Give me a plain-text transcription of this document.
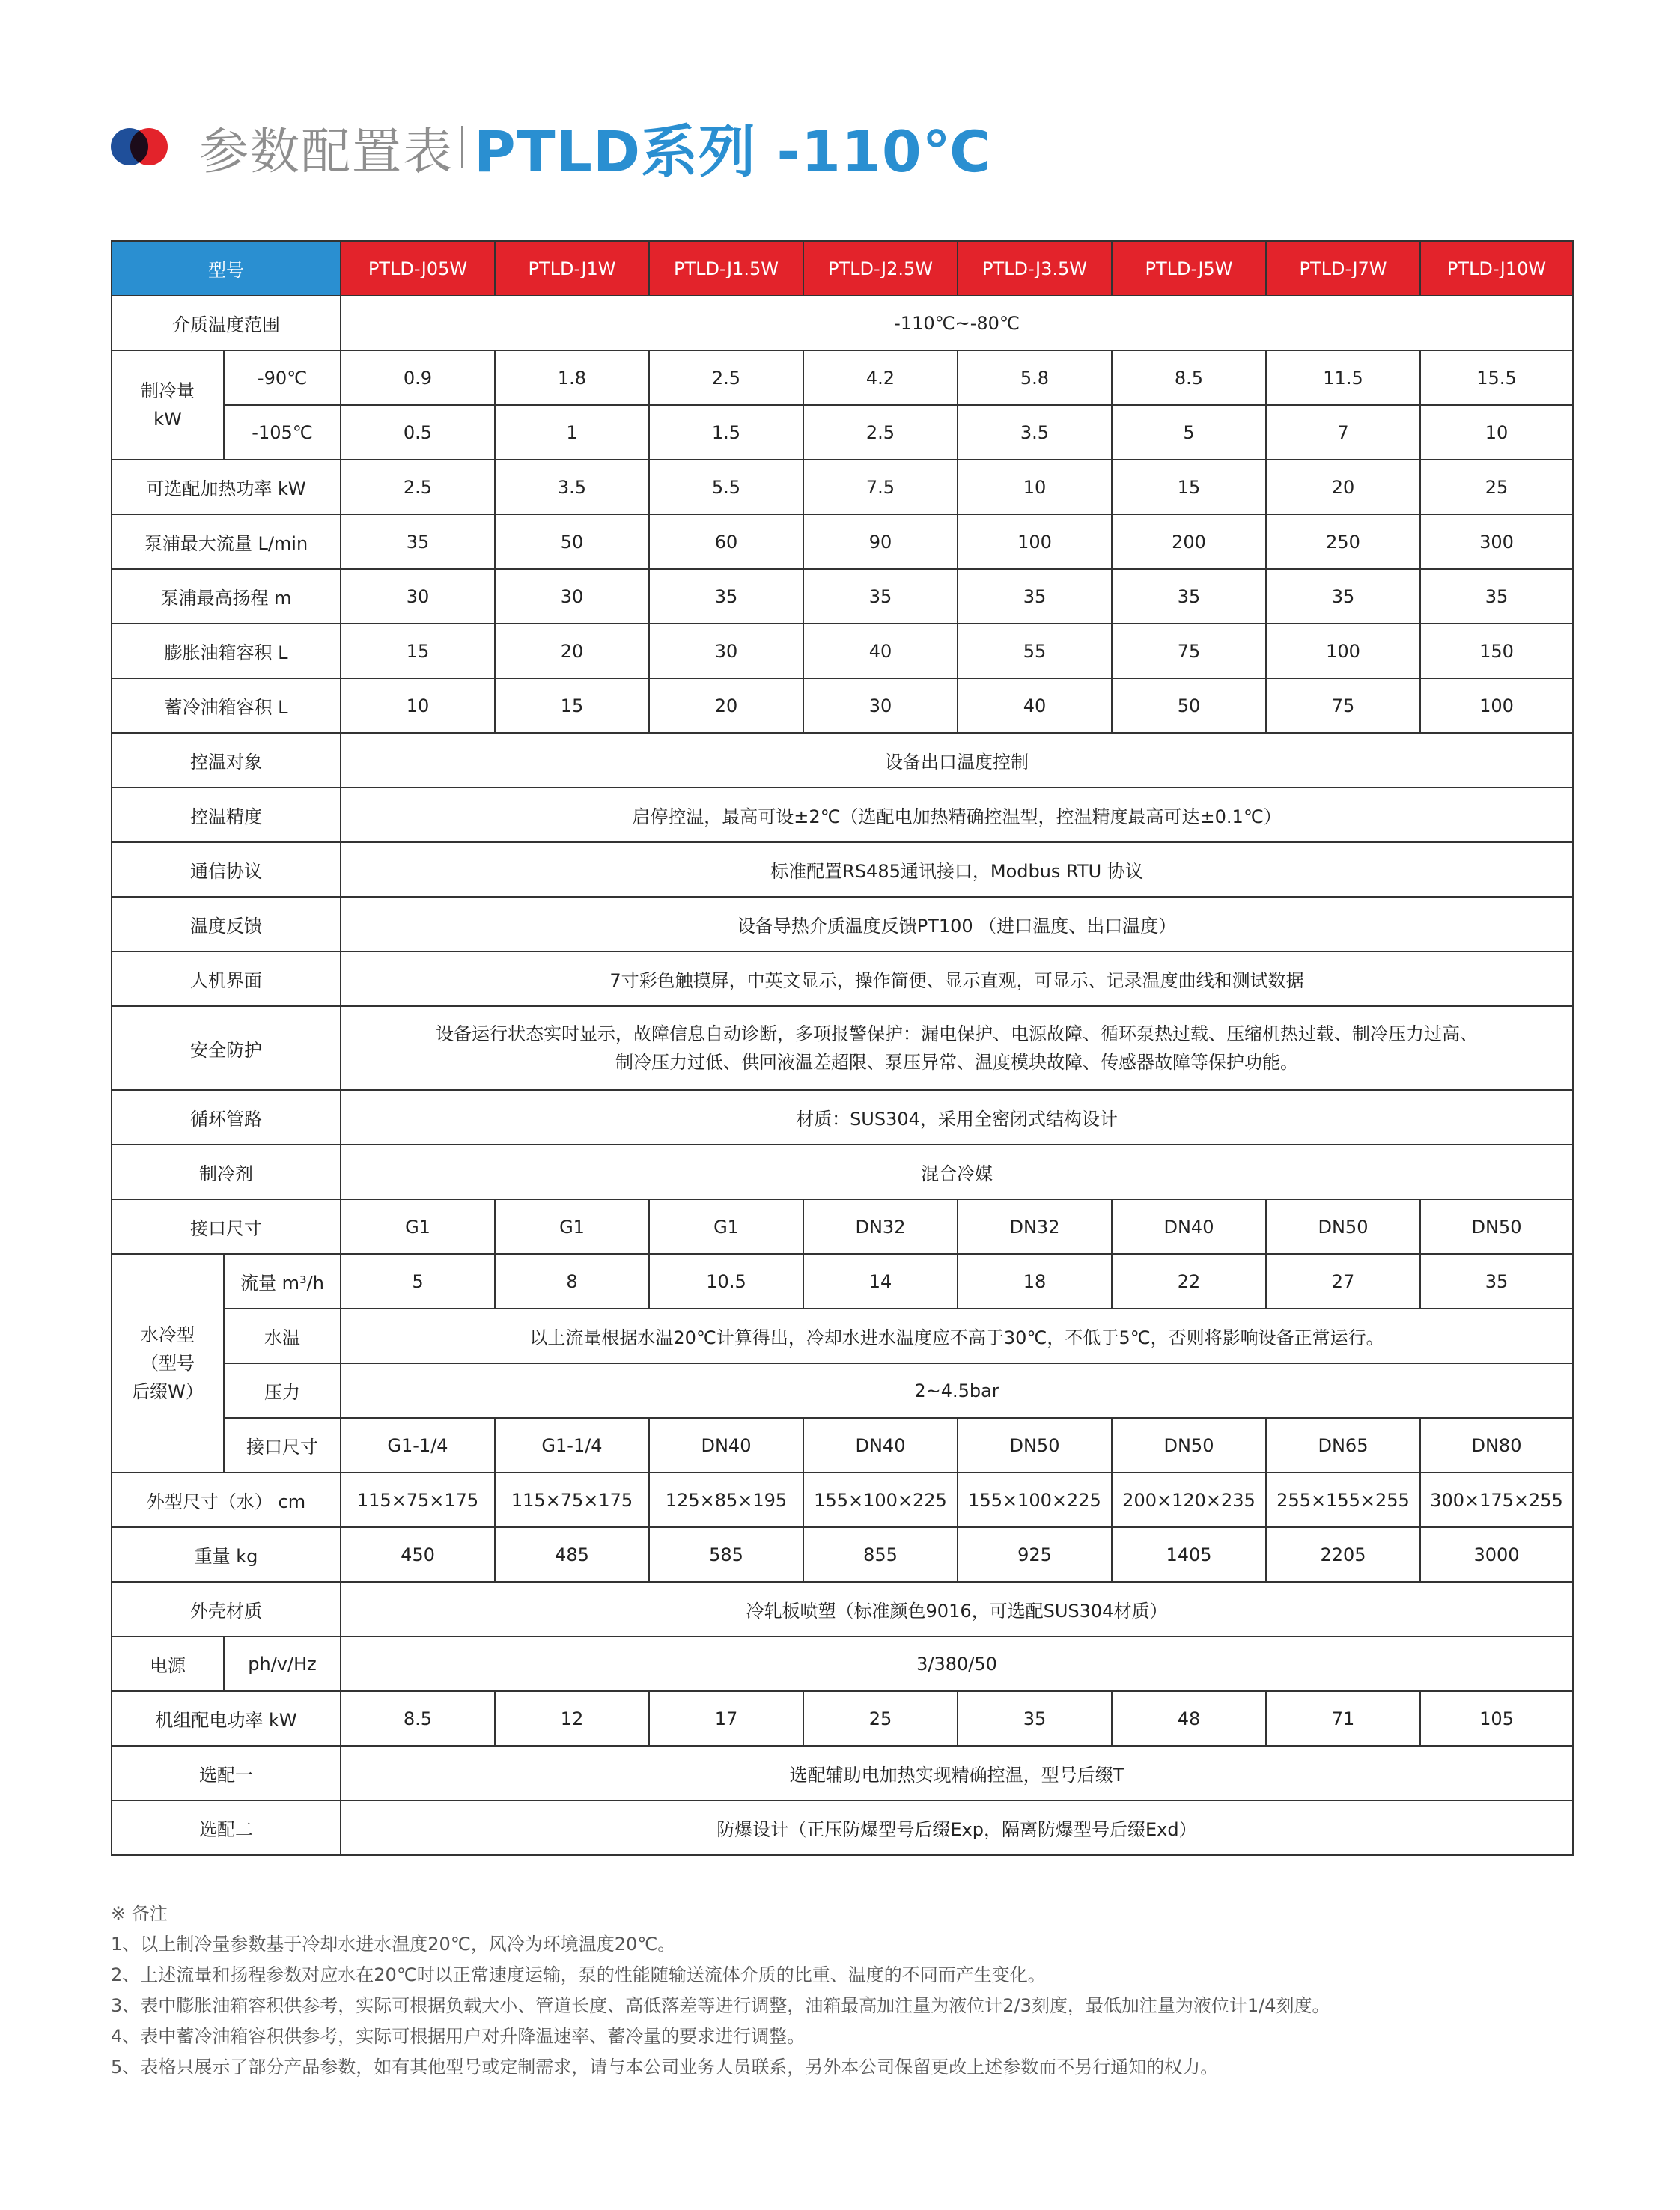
参数配置表 PTLD系列 -110℃
型号		PTLD-J05W	PTLD-J1W	PTLD-J1.5W	PTLD-J2.5W	PTLD-J3.5W	PTLD-J5W	PTLD-J7W	PTLD-J10W
介质温度范围		-110℃~-80℃							
制冷量
kW	-90℃	0.9	1.8	2.5	4.2	5.8	8.5	11.5	15.5
	-105℃	0.5	1	1.5	2.5	3.5	5	7	10
可选配加热功率 kW		2.5	3.5	5.5	7.5	10	15	20	25
泵浦最大流量 L/min		35	50	60	90	100	200	250	300
泵浦最高扬程 m		30	30	35	35	35	35	35	35
膨胀油箱容积 L		15	20	30	40	55	75	100	150
蓄冷油箱容积 L		10	15	20	30	40	50	75	100
控温对象		设备出口温度控制							
控温精度		启停控温，最高可设±2℃（选配电加热精确控温型，控温精度最高可达±0.1℃）							
通信协议		标准配置RS485通讯接口，Modbus RTU 协议							
温度反馈		设备导热介质温度反馈PT100 （进口温度、出口温度）							
人机界面		7寸彩色触摸屏，中英文显示，操作简便、显示直观，可显示、记录温度曲线和测试数据							
安全防护		设备运行状态实时显示，故障信息自动诊断，多项报警保护：漏电保护、电源故障、循环泵热过载、压缩机热过载、制冷压力过高、
制冷压力过低、供回液温差超限、泵压异常、温度模块故障、传感器故障等保护功能。							
循环管路		材质：SUS304，采用全密闭式结构设计							
制冷剂		混合冷媒							
接口尺寸		G1	G1	G1	DN32	DN32	DN40	DN50	DN50
水冷型
（型号
后缀W）	流量 m³/h	5	8	10.5	14	18	22	27	35
	水温	以上流量根据水温20℃计算得出，冷却水进水温度应不高于30℃，不低于5℃，否则将影响设备正常运行。							
	压力	2~4.5bar							
	接口尺寸	G1-1/4	G1-1/4	DN40	DN40	DN50	DN50	DN65	DN80
外型尺寸（水） cm		115×75×175	115×75×175	125×85×195	155×100×225	155×100×225	200×120×235	255×155×255	300×175×255
重量 kg		450	485	585	855	925	1405	2205	3000
外壳材质		冷轧板喷塑（标准颜色9016，可选配SUS304材质）							
电源	ph/v/Hz	3/380/50							
机组配电功率 kW		8.5	12	17	25	35	48	71	105
选配一		选配辅助电加热实现精确控温，型号后缀T							
选配二		防爆设计（正压防爆型号后缀Exp，隔离防爆型号后缀Exd）							
※ 备注
1、以上制冷量参数基于冷却水进水温度20℃，风冷为环境温度20℃。
2、上述流量和扬程参数对应水在20℃时以正常速度运输，泵的性能随输送流体介质的比重、温度的不同而产生变化。
3、表中膨胀油箱容积供参考，实际可根据负载大小、管道长度、高低落差等进行调整，油箱最高加注量为液位计2/3刻度，最低加注量为液位计1/4刻度。
4、表中蓄冷油箱容积供参考，实际可根据用户对升降温速率、蓄冷量的要求进行调整。
5、表格只展示了部分产品参数，如有其他型号或定制需求，请与本公司业务人员联系，另外本公司保留更改上述参数而不另行通知的权力。
